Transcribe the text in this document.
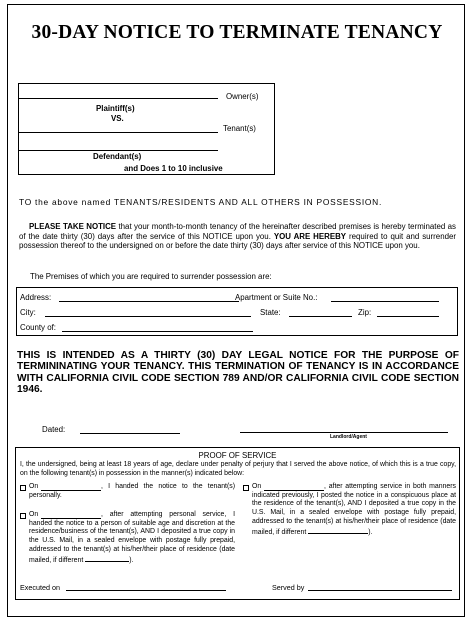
30-DAY NOTICE TO TERMINATE TENANCY
Owner(s)
Plaintiff(s)
VS.
Tenant(s)
Defendant(s)
and Does 1 to 10 inclusive
TO the above named TENANTS/RESIDENTS AND ALL OTHERS IN POSSESSION.
PLEASE TAKE NOTICE that your month-to-month tenancy of the hereinafter described premises is hereby terminated as of the date thirty (30) days after the service of this NOTICE upon you. YOU ARE HEREBY required to quit and surrender possession thereof to the undersigned on or before the date thirty (30) days after service of this NOTICE upon you.
The Premises of which you are required to surrender possession are:
Address:	Apartment or Suite No.:
City:	State:	Zip:
County of:
THIS IS INTENDED AS A THIRTY (30) DAY LEGAL NOTICE FOR THE PURPOSE OF TERMININATING YOUR TENANCY. THIS TERMINATION OF TENANCY IS IN ACCORDANCE WITH CALIFORNIA CIVIL CODE SECTION 789 AND/OR CALIFORNIA CIVIL CODE SECTION 1946.
Dated:
Landlord/Agent
PROOF OF SERVICE
I, the undersigned, being at least 18 years of age, declare under penalty of perjury that I served the above notice, of which this is a true copy, on the following tenant(s) in possession in the manner(s) indicated below:
On	, I handed the notice to the tenant(s) personally.
On	, after attempting personal service, I handed the notice to a person of suitable age and discretion at the residence/business of the tenant(s), AND I deposited a true copy in the U.S. Mail, in a sealed envelope with postage fully prepaid, addressed to the tenant(s) at his/her/their place of residence (date mailed, if different	).
On	, after attempting service in both manners indicated previously, I posted the notice in a conspicuous place at the residence of the tenant(s), AND I deposited a true copy in the U.S. Mail, in a sealed envelope with postage fully prepaid, addressed to the tenant(s) at his/her/their place of residence (date mailed, if different	).
Executed on	Served by
